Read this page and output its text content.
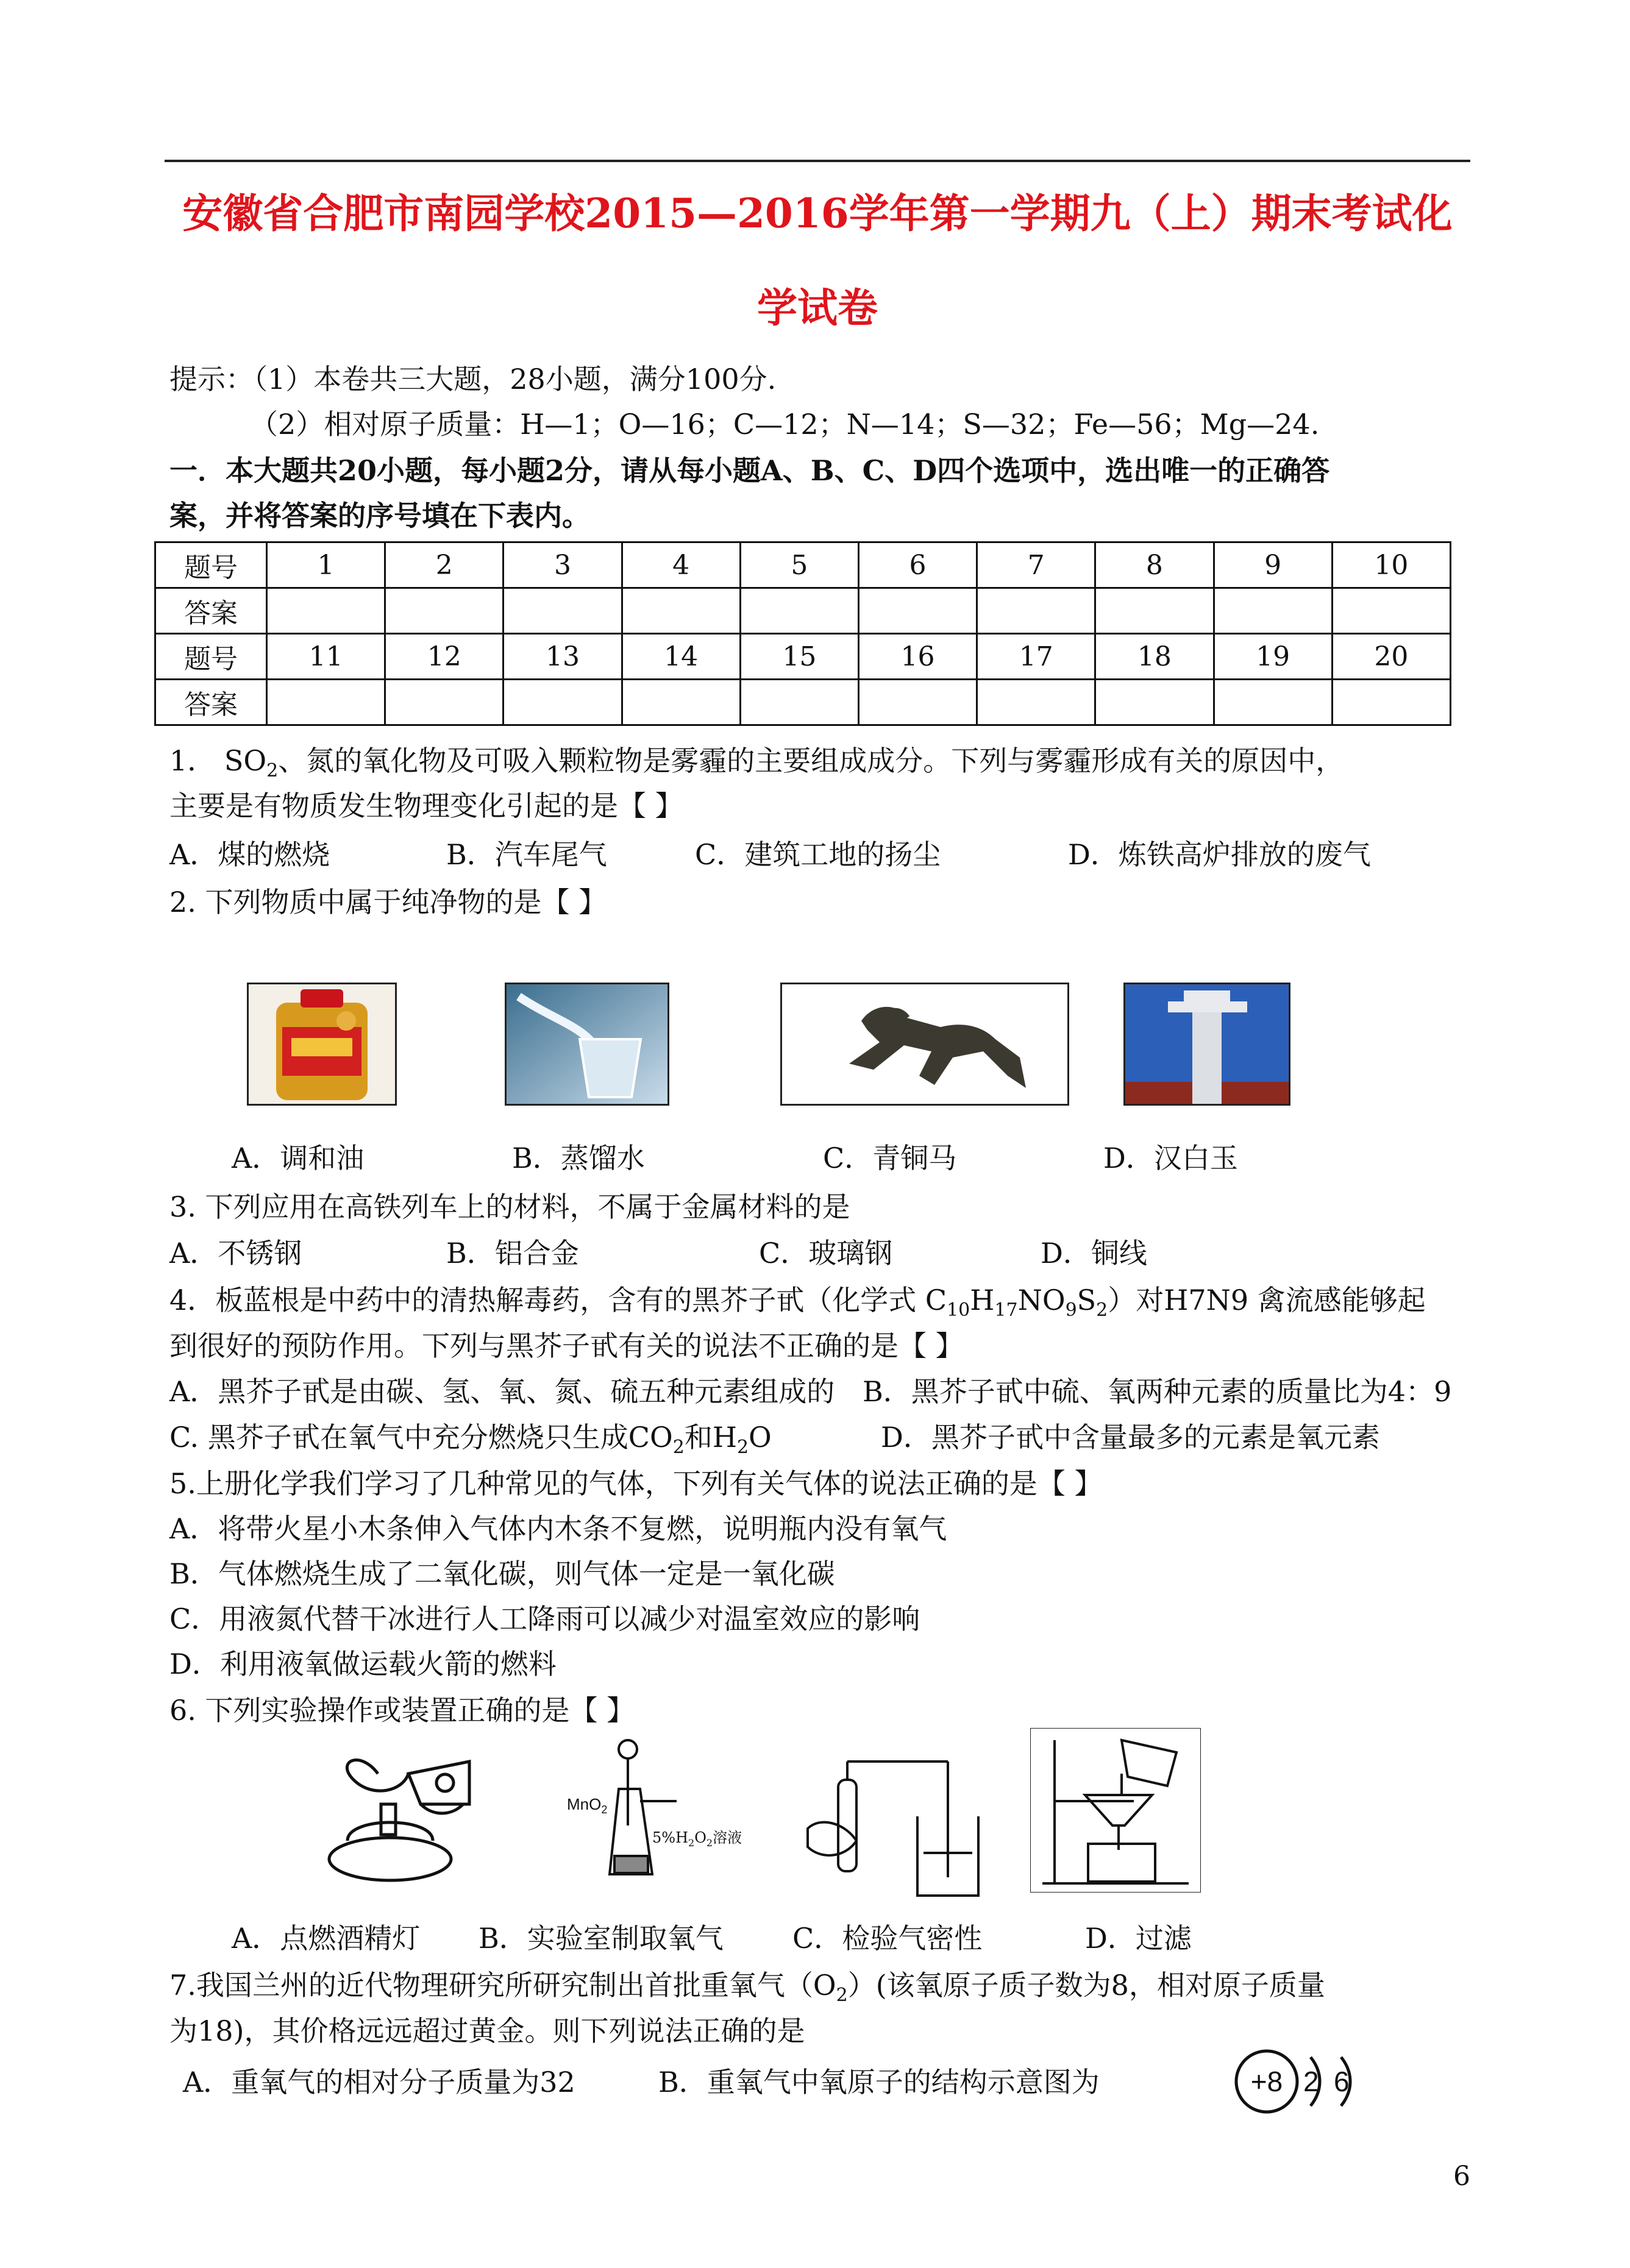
安徽省合肥市南园学校2015—2016学年第一学期九（上）期末考试化
学试卷
提示：（1）本卷共三大题，28小题，满分100分.
（2）相对原子质量：H—1；O—16；C—12；N—14；S—32；Fe—56；Mg—24.
一．本大题共20小题，每小题2分，请从每小题A、B、C、D四个选项中，选出唯一的正确答
案，并将答案的序号填在下表内。
题号	1	2	3	4	5	6	7	8	9	10
答案										
题号	11	12	13	14	15	16	17	18	19	20
答案										
1． $SO_2$、氮的氧化物及可吸入颗粒物是雾霾的主要组成成分。下列与雾霾形成有关的原因中，
主要是有物质发生物理变化引起的是【 】
A．煤的燃烧	B．汽车尾气	C．建筑工地的扬尘	D．炼铁高炉排放的废气
2. 下列物质中属于纯净物的是【 】
A．调和油	B．蒸馏水	C．青铜马	D．汉白玉
3. 下列应用在高铁列车上的材料，不属于金属材料的是
A．不锈钢	B．铝合金	C．玻璃钢	D．铜线
4．板蓝根是中药中的清热解毒药，含有的黑芥子甙（化学式 $C_{10}H_{17}NO_9S_2$）对H7N9 禽流感能够起
到很好的预防作用。下列与黑芥子甙有关的说法不正确的是【 】
A．黑芥子甙是由碳、氢、氧、氮、硫五种元素组成的 B．黑芥子甙中硫、氧两种元素的质量比为4：9
C. 黑芥子甙在氧气中充分燃烧只生成$CO_2$和$H_2O$	D．黑芥子甙中含量最多的元素是氧元素
5.上册化学我们学习了几种常见的气体，下列有关气体的说法正确的是【 】
A．将带火星小木条伸入气体内木条不复燃，说明瓶内没有氧气
B．气体燃烧生成了二氧化碳，则气体一定是一氧化碳
C．用液氮代替干冰进行人工降雨可以减少对温室效应的影响
D．利用液氧做运载火箭的燃料
6. 下列实验操作或装置正确的是【 】
MnO$_2$
$5\%H_2O_2$溶液
A．点燃酒精灯 B．实验室制取氧气 C．检验气密性	D．过滤
7.我国兰州的近代物理研究所研究制出首批重氧气$(O_2)$(该氧原子质子数为8，相对原子质量
为18)，其价格远远超过黄金。则下列说法正确的是
A．重氧气的相对分子质量为32	B．重氧气中氧原子的结构示意图为	+8 2 6
6
